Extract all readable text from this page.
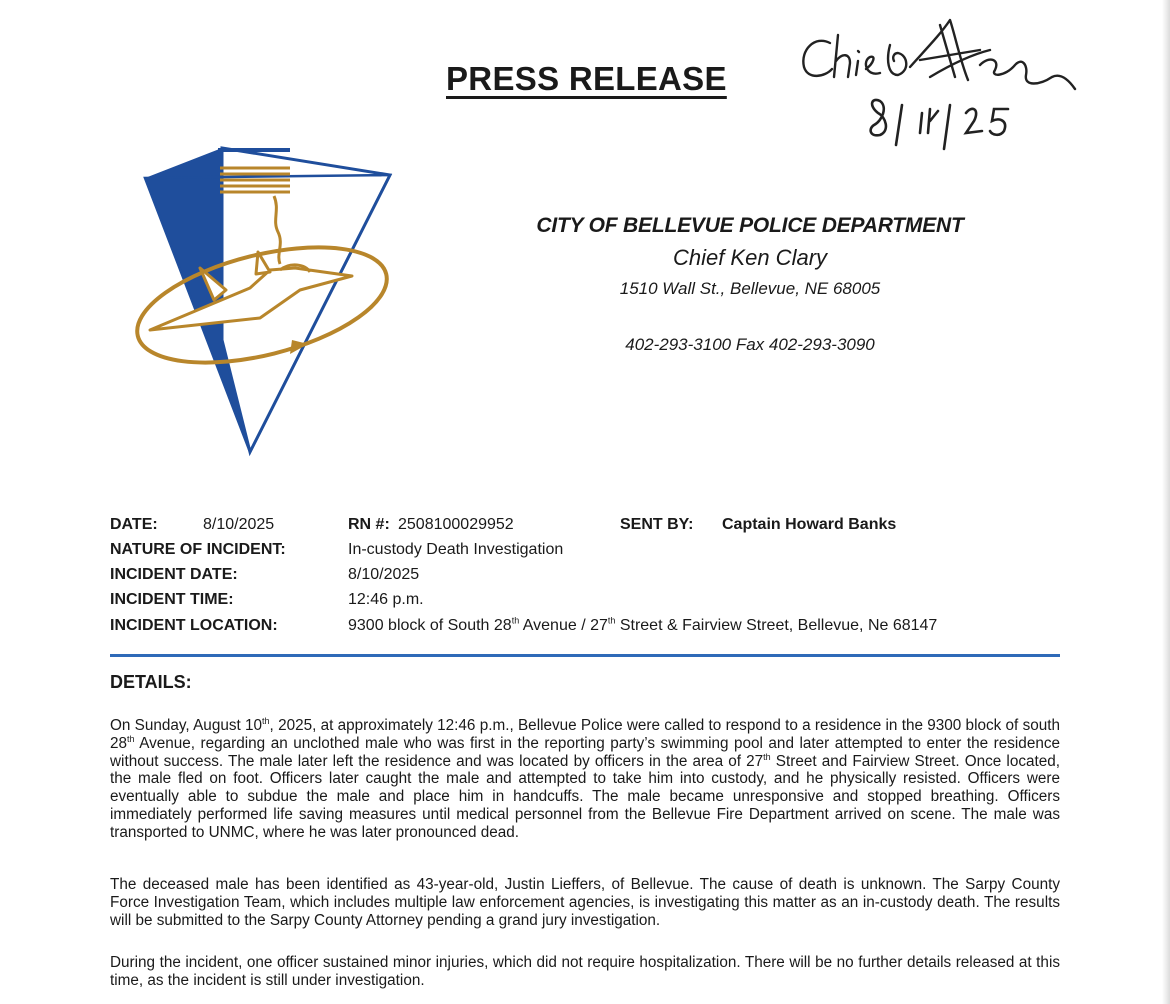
PRESS RELEASE
CITY OF BELLEVUE POLICE DEPARTMENT
Chief Ken Clary
1510 Wall St., Bellevue, NE 68005
402-293-3100 Fax 402-293-3090
DATE:	8/10/2025	RN #: 2508100029952	SENT BY: Captain Howard Banks
NATURE OF INCIDENT:	In-custody Death Investigation
INCIDENT DATE:	8/10/2025
INCIDENT TIME:	12:46 p.m.
INCIDENT LOCATION:	9300 block of South 28th Avenue / 27th Street & Fairview Street, Bellevue, Ne 68147
DETAILS:
On Sunday, August 10th, 2025, at approximately 12:46 p.m., Bellevue Police were called to respond to a residence in the 9300 block of south 28th Avenue, regarding an unclothed male who was first in the reporting party’s swimming pool and later attempted to enter the residence without success. The male later left the residence and was located by officers in the area of 27th Street and Fairview Street. Once located, the male fled on foot. Officers later caught the male and attempted to take him into custody, and he physically resisted. Officers were eventually able to subdue the male and place him in handcuffs. The male became unresponsive and stopped breathing. Officers immediately performed life saving measures until medical personnel from the Bellevue Fire Department arrived on scene. The male was transported to UNMC, where he was later pronounced dead.
The deceased male has been identified as 43-year-old, Justin Lieffers, of Bellevue. The cause of death is unknown. The Sarpy County Force Investigation Team, which includes multiple law enforcement agencies, is investigating this matter as an in-custody death. The results will be submitted to the Sarpy County Attorney pending a grand jury investigation.
During the incident, one officer sustained minor injuries, which did not require hospitalization. There will be no further details released at this time, as the incident is still under investigation.
